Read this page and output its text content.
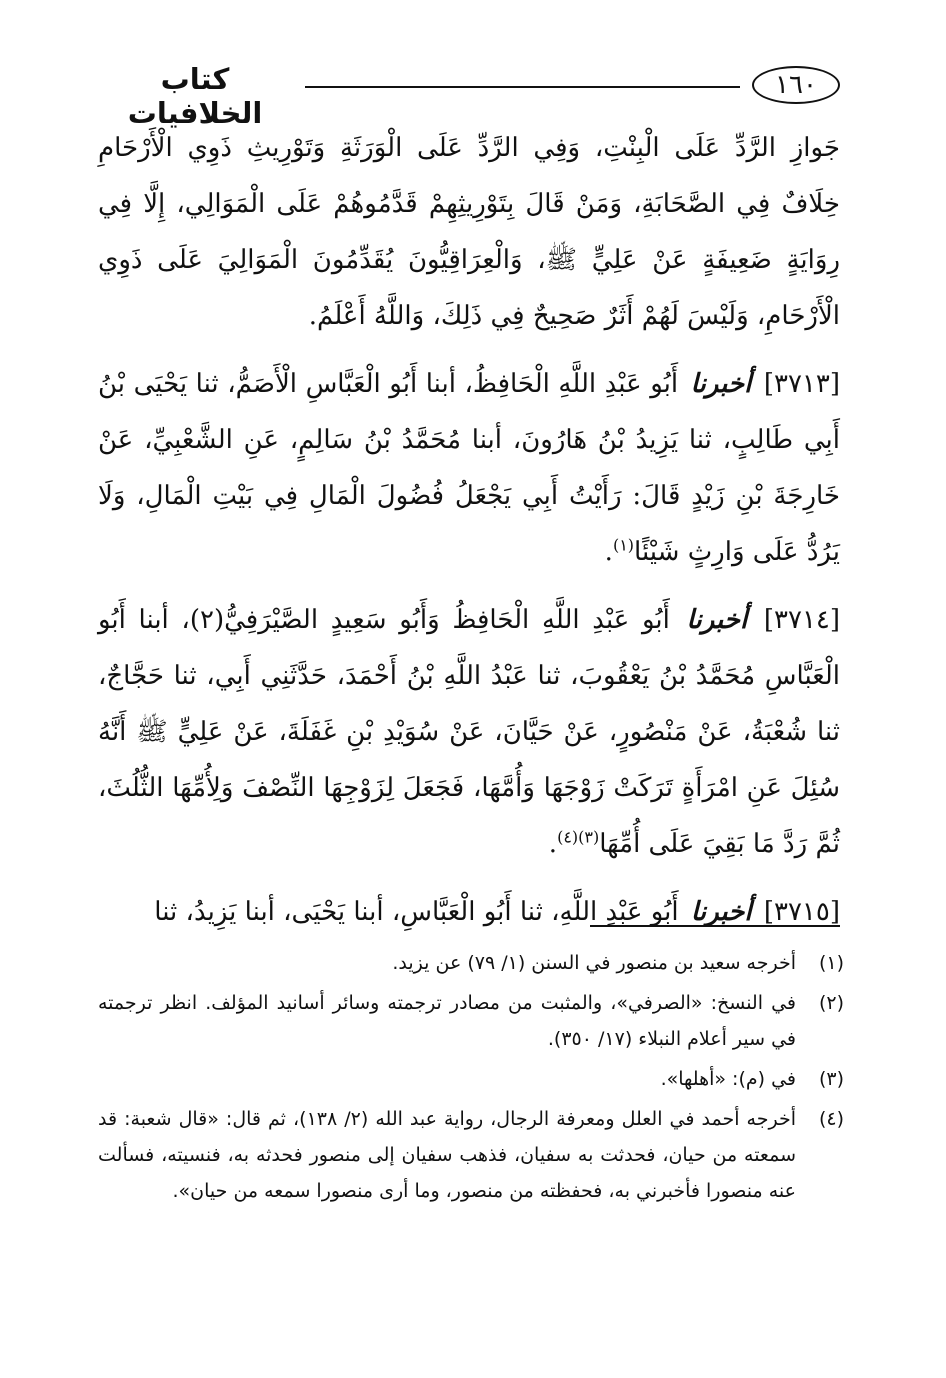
١٦٠
كتاب الخلافيات

جَوازِ الرَّدِّ عَلَى الْبِنْتِ، وَفِي الرَّدِّ عَلَى الْوَرَثَةِ وَتَوْرِيثِ ذَوِي الْأَرْحَامِ خِلَافٌ فِي الصَّحَابَةِ، وَمَنْ قَالَ بِتَوْرِيثِهِمْ قَدَّمُوهُمْ عَلَى الْمَوَالِي، إِلَّا فِي رِوَايَةٍ ضَعِيفَةٍ عَنْ عَلِيٍّ ﷺ، وَالْعِرَاقِيُّونَ يُقَدِّمُونَ الْمَوَالِيَ عَلَى ذَوِي الْأَرْحَامِ، وَلَيْسَ لَهُمْ أَثَرٌ صَحِيحٌ فِي ذَلِكَ، وَاللَّهُ أَعْلَمُ.

[٣٧١٣] أخبرنا أَبُو عَبْدِ اللَّهِ الْحَافِظُ، أبنا أَبُو الْعَبَّاسِ الْأَصَمُّ، ثنا يَحْيَى بْنُ أَبِي طَالِبٍ، ثنا يَزِيدُ بْنُ هَارُونَ، أبنا مُحَمَّدُ بْنُ سَالِمٍ، عَنِ الشَّعْبِيِّ، عَنْ خَارِجَةَ بْنِ زَيْدٍ قَالَ: رَأَيْتُ أَبِي يَجْعَلُ فُضُولَ الْمَالِ فِي بَيْتِ الْمَالِ، وَلَا يَرُدُّ عَلَى وَارِثٍ شَيْئًا$^{(١)}$.

[٣٧١٤] أخبرنا أَبُو عَبْدِ اللَّهِ الْحَافِظُ وَأَبُو سَعِيدٍ الصَّيْرَفِيُّ(٢)، أبنا أَبُو الْعَبَّاسِ مُحَمَّدُ بْنُ يَعْقُوبَ، ثنا عَبْدُ اللَّهِ بْنُ أَحْمَدَ، حَدَّثَنِي أَبِي، ثنا حَجَّاجٌ، ثنا شُعْبَةُ، عَنْ مَنْصُورٍ، عَنْ حَيَّانَ، عَنْ سُوَيْدِ بْنِ غَفَلَةَ، عَنْ عَلِيٍّ ﷺ أَنَّهُ سُئِلَ عَنِ امْرَأَةٍ تَرَكَتْ زَوْجَهَا وَأُمَّهَا، فَجَعَلَ لِزَوْجِهَا النِّصْفَ وَلِأُمِّهَا الثُّلُثَ، ثُمَّ رَدَّ مَا بَقِيَ عَلَى أُمِّهَا$^{(٣)(٤)}$.

[٣٧١٥] أخبرنا أَبُو عَبْدِ اللَّهِ، ثنا أَبُو الْعَبَّاسِ، أبنا يَحْيَى، أبنا يَزِيدُ، ثنا

(١)
أخرجه سعيد بن منصور في السنن (١/ ٧٩) عن يزيد.
(٢)
في النسخ: «الصرفي»، والمثبت من مصادر ترجمته وسائر أسانيد المؤلف. انظر ترجمته في سير أعلام النبلاء (١٧/ ٣٥٠).
(٣)
في (م): «أهلها».
(٤)
أخرجه أحمد في العلل ومعرفة الرجال، رواية عبد الله (٢/ ١٣٨)، ثم قال: «قال شعبة: قد سمعته من حيان، فحدثت به سفيان، فذهب سفيان إلى منصور فحدثه به، فنسيته، فسألت عنه منصورا فأخبرني به، فحفظته من منصور، وما أرى منصورا سمعه من حيان».
